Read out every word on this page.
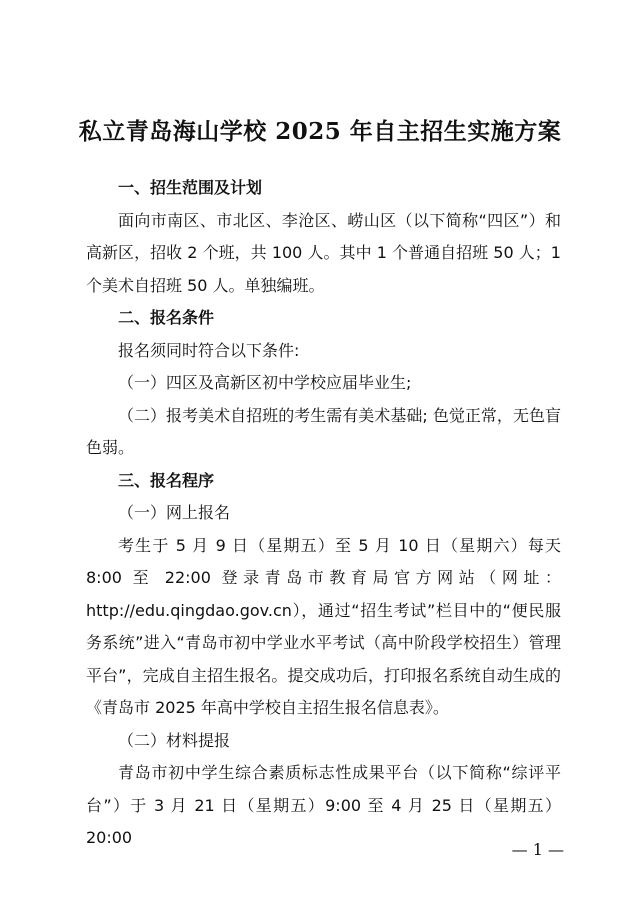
私立青岛海山学校 2025 年自主招生实施方案

一、招生范围及计划

面向市南区、市北区、李沧区、崂山区（以下简称“四区”）和高新区，招收 2 个班，共 100 人。其中 1 个普通自招班 50 人；1 个美术自招班 50 人。单独编班。

二、报名条件

报名须同时符合以下条件:

（一）四区及高新区初中学校应届毕业生;

（二）报考美术自招班的考生需有美术基础; 色觉正常，无色盲色弱。

三、报名程序

（一）网上报名

考生于 5 月 9 日（星期五）至 5 月 10 日（星期六）每天 8:00 至 22:00 登录青岛市教育局官方网站（网址：http://edu.qingdao.gov.cn），通过“招生考试”栏目中的“便民服务系统”进入“青岛市初中学业水平考试（高中阶段学校招生）管理平台”，完成自主招生报名。提交成功后，打印报名系统自动生成的《青岛市 2025 年高中学校自主招生报名信息表》。

（二）材料提报

青岛市初中学生综合素质标志性成果平台（以下简称“综评平台”）于 3 月 21 日（星期五）9:00 至 4 月 25 日（星期五）20:00

— 1 —
